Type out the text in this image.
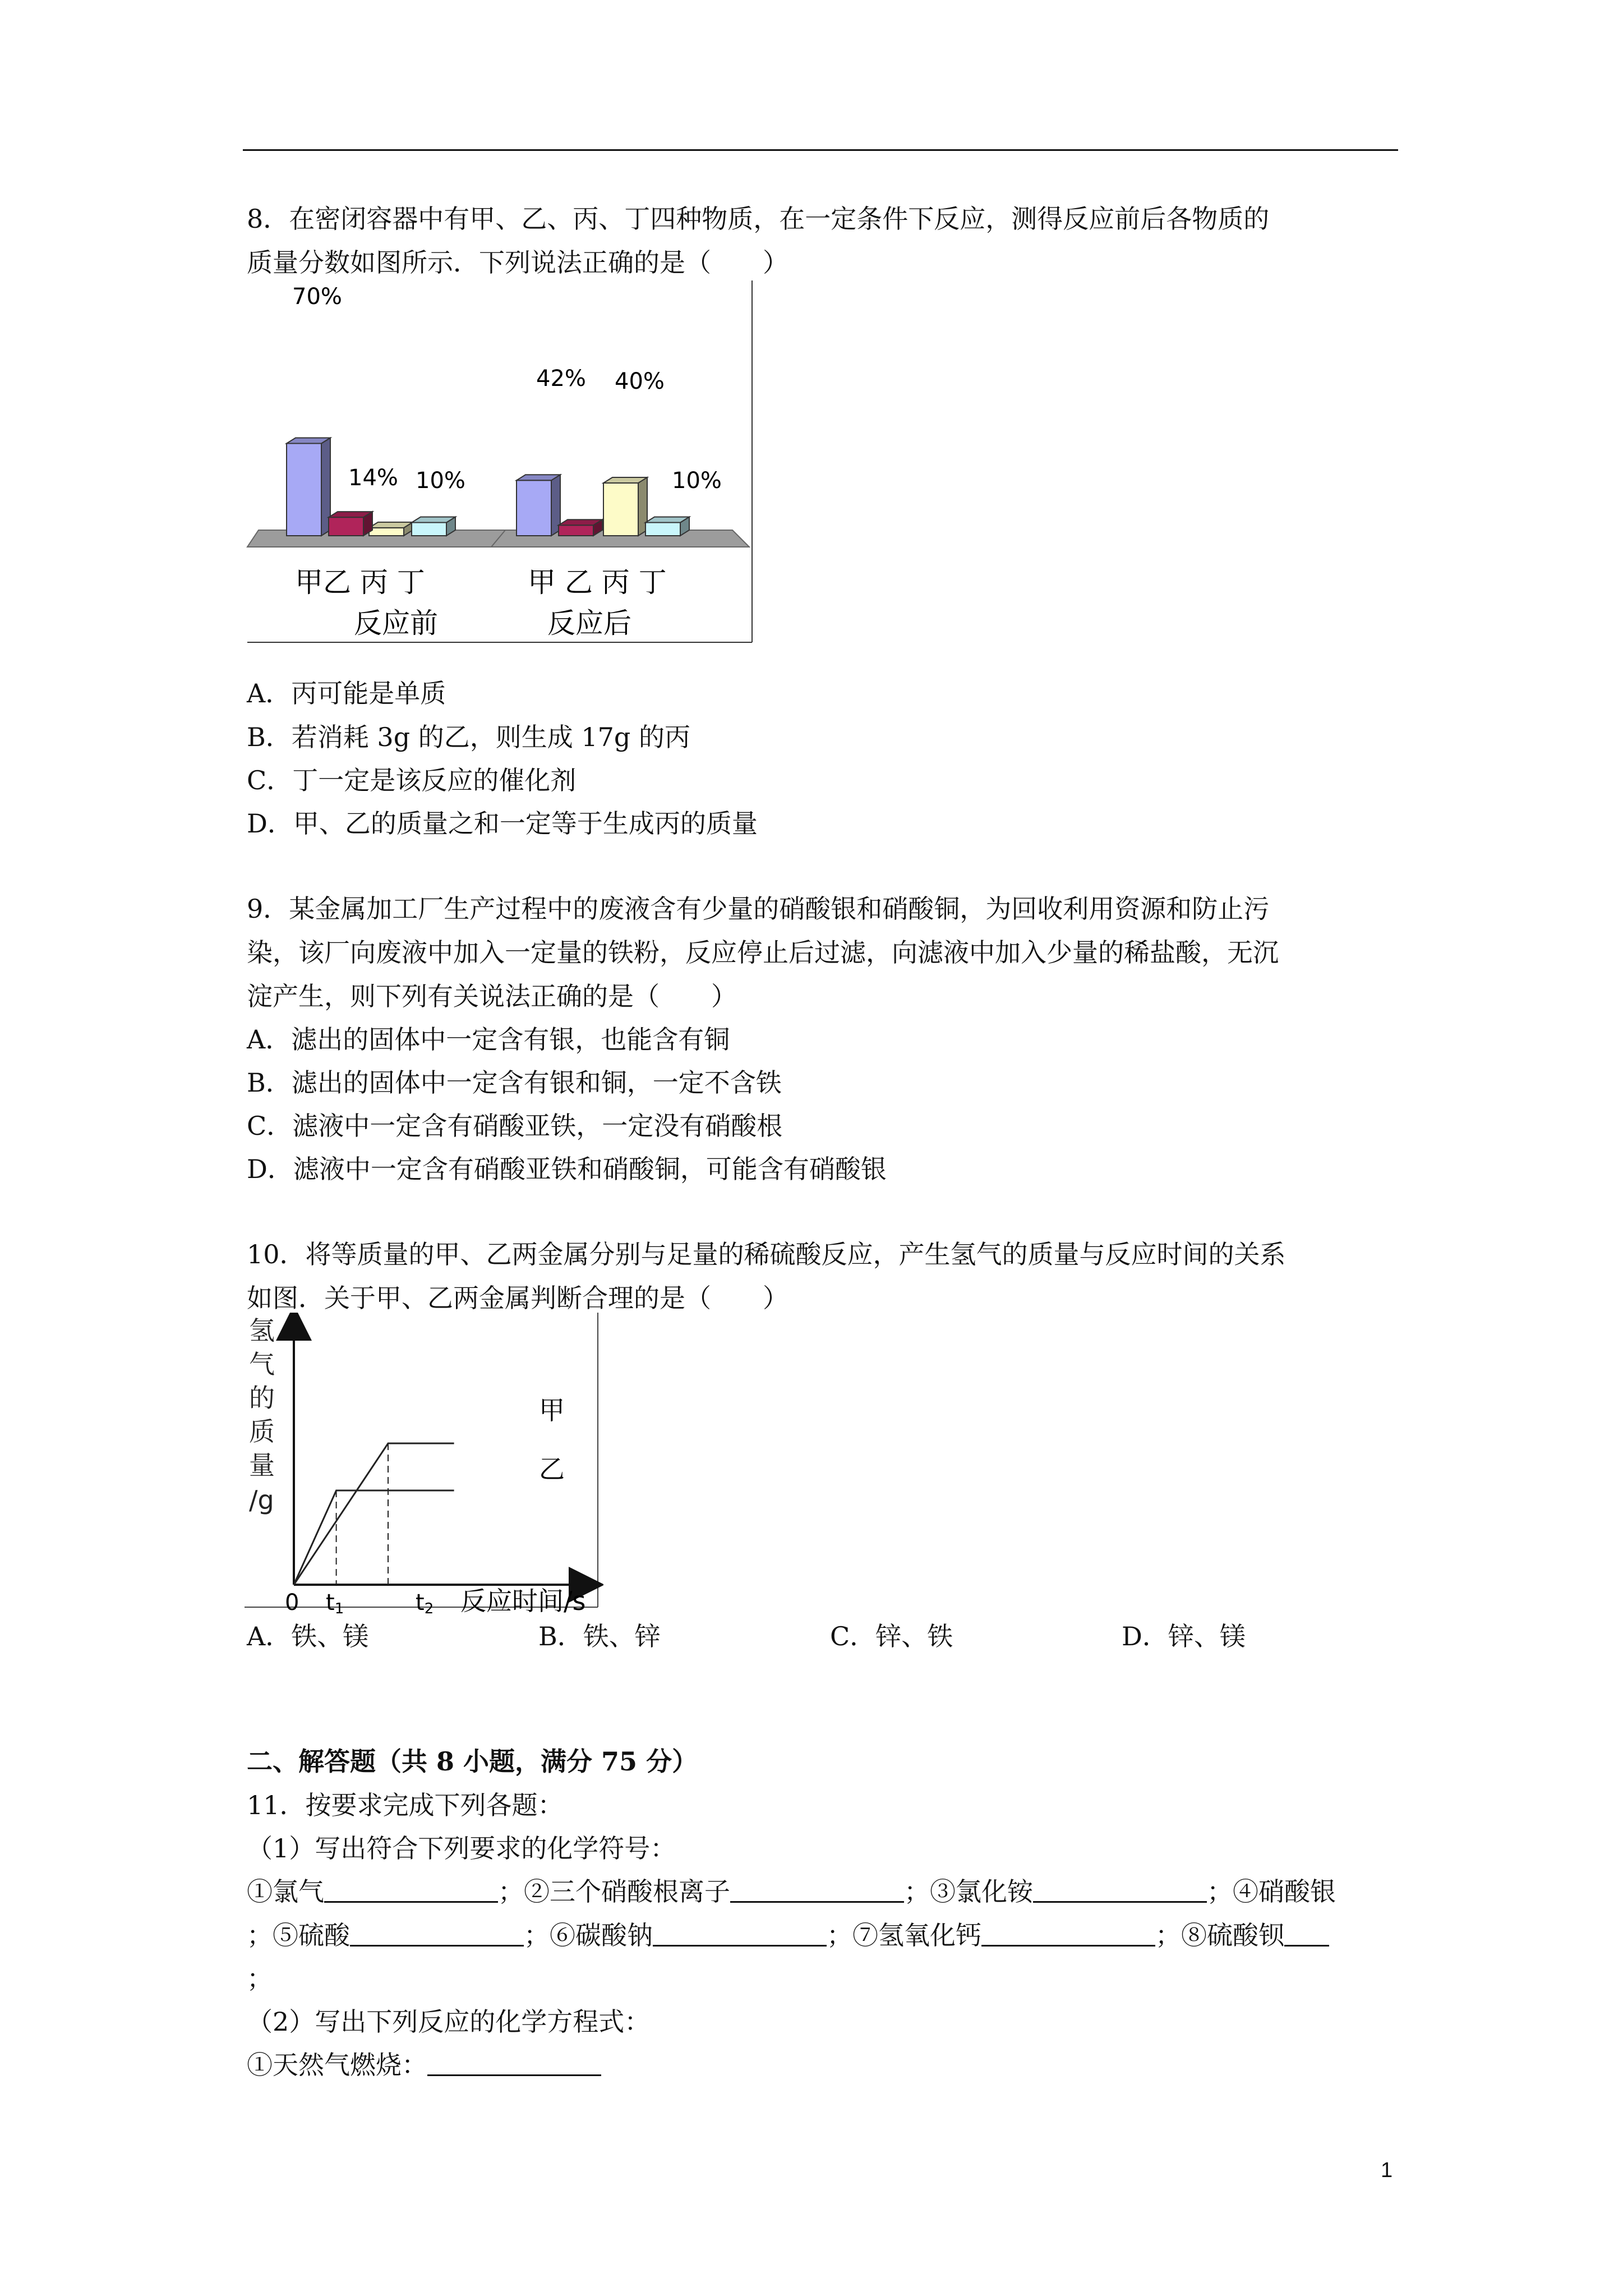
8．在密闭容器中有甲、乙、丙、丁四种物质，在一定条件下反应，测得反应前后各物质的
质量分数如图所示．下列说法正确的是（　　）
70%
14% 10%
42% 40%
10%
甲乙 丙 丁	甲 乙 丙 丁
反应前	反应后
A．丙可能是单质
B．若消耗 3g 的乙，则生成 17g 的丙
C．丁一定是该反应的催化剂
D．甲、乙的质量之和一定等于生成丙的质量
9．某金属加工厂生产过程中的废液含有少量的硝酸银和硝酸铜，为回收利用资源和防止污
染，该厂向废液中加入一定量的铁粉，反应停止后过滤，向滤液中加入少量的稀盐酸，无沉
淀产生，则下列有关说法正确的是（　　）
A．滤出的固体中一定含有银，也能含有铜
B．滤出的固体中一定含有银和铜，一定不含铁
C．滤液中一定含有硝酸亚铁，一定没有硝酸根
D．滤液中一定含有硝酸亚铁和硝酸铜，可能含有硝酸银
10．将等质量的甲、乙两金属分别与足量的稀硫酸反应，产生氢气的质量与反应时间的关系
如图．关于甲、乙两金属判断合理的是（　　）
氢
气
的
质
量
/g
甲
乙
0 t1	t2 反应时间/s
A．铁、镁	B．铁、锌	C．锌、铁	D．锌、镁
二、解答题（共 8 小题，满分 75 分）
11．按要求完成下列各题：
（1）写出符合下列要求的化学符号：
①氯气	；②三个硝酸根离子	；③氯化铵	；④硝酸银
；⑤硫酸	；⑥碳酸钠	；⑦氢氧化钙	；⑧硫酸钡
；
（2）写出下列反应的化学方程式：
①天然气燃烧：
1
